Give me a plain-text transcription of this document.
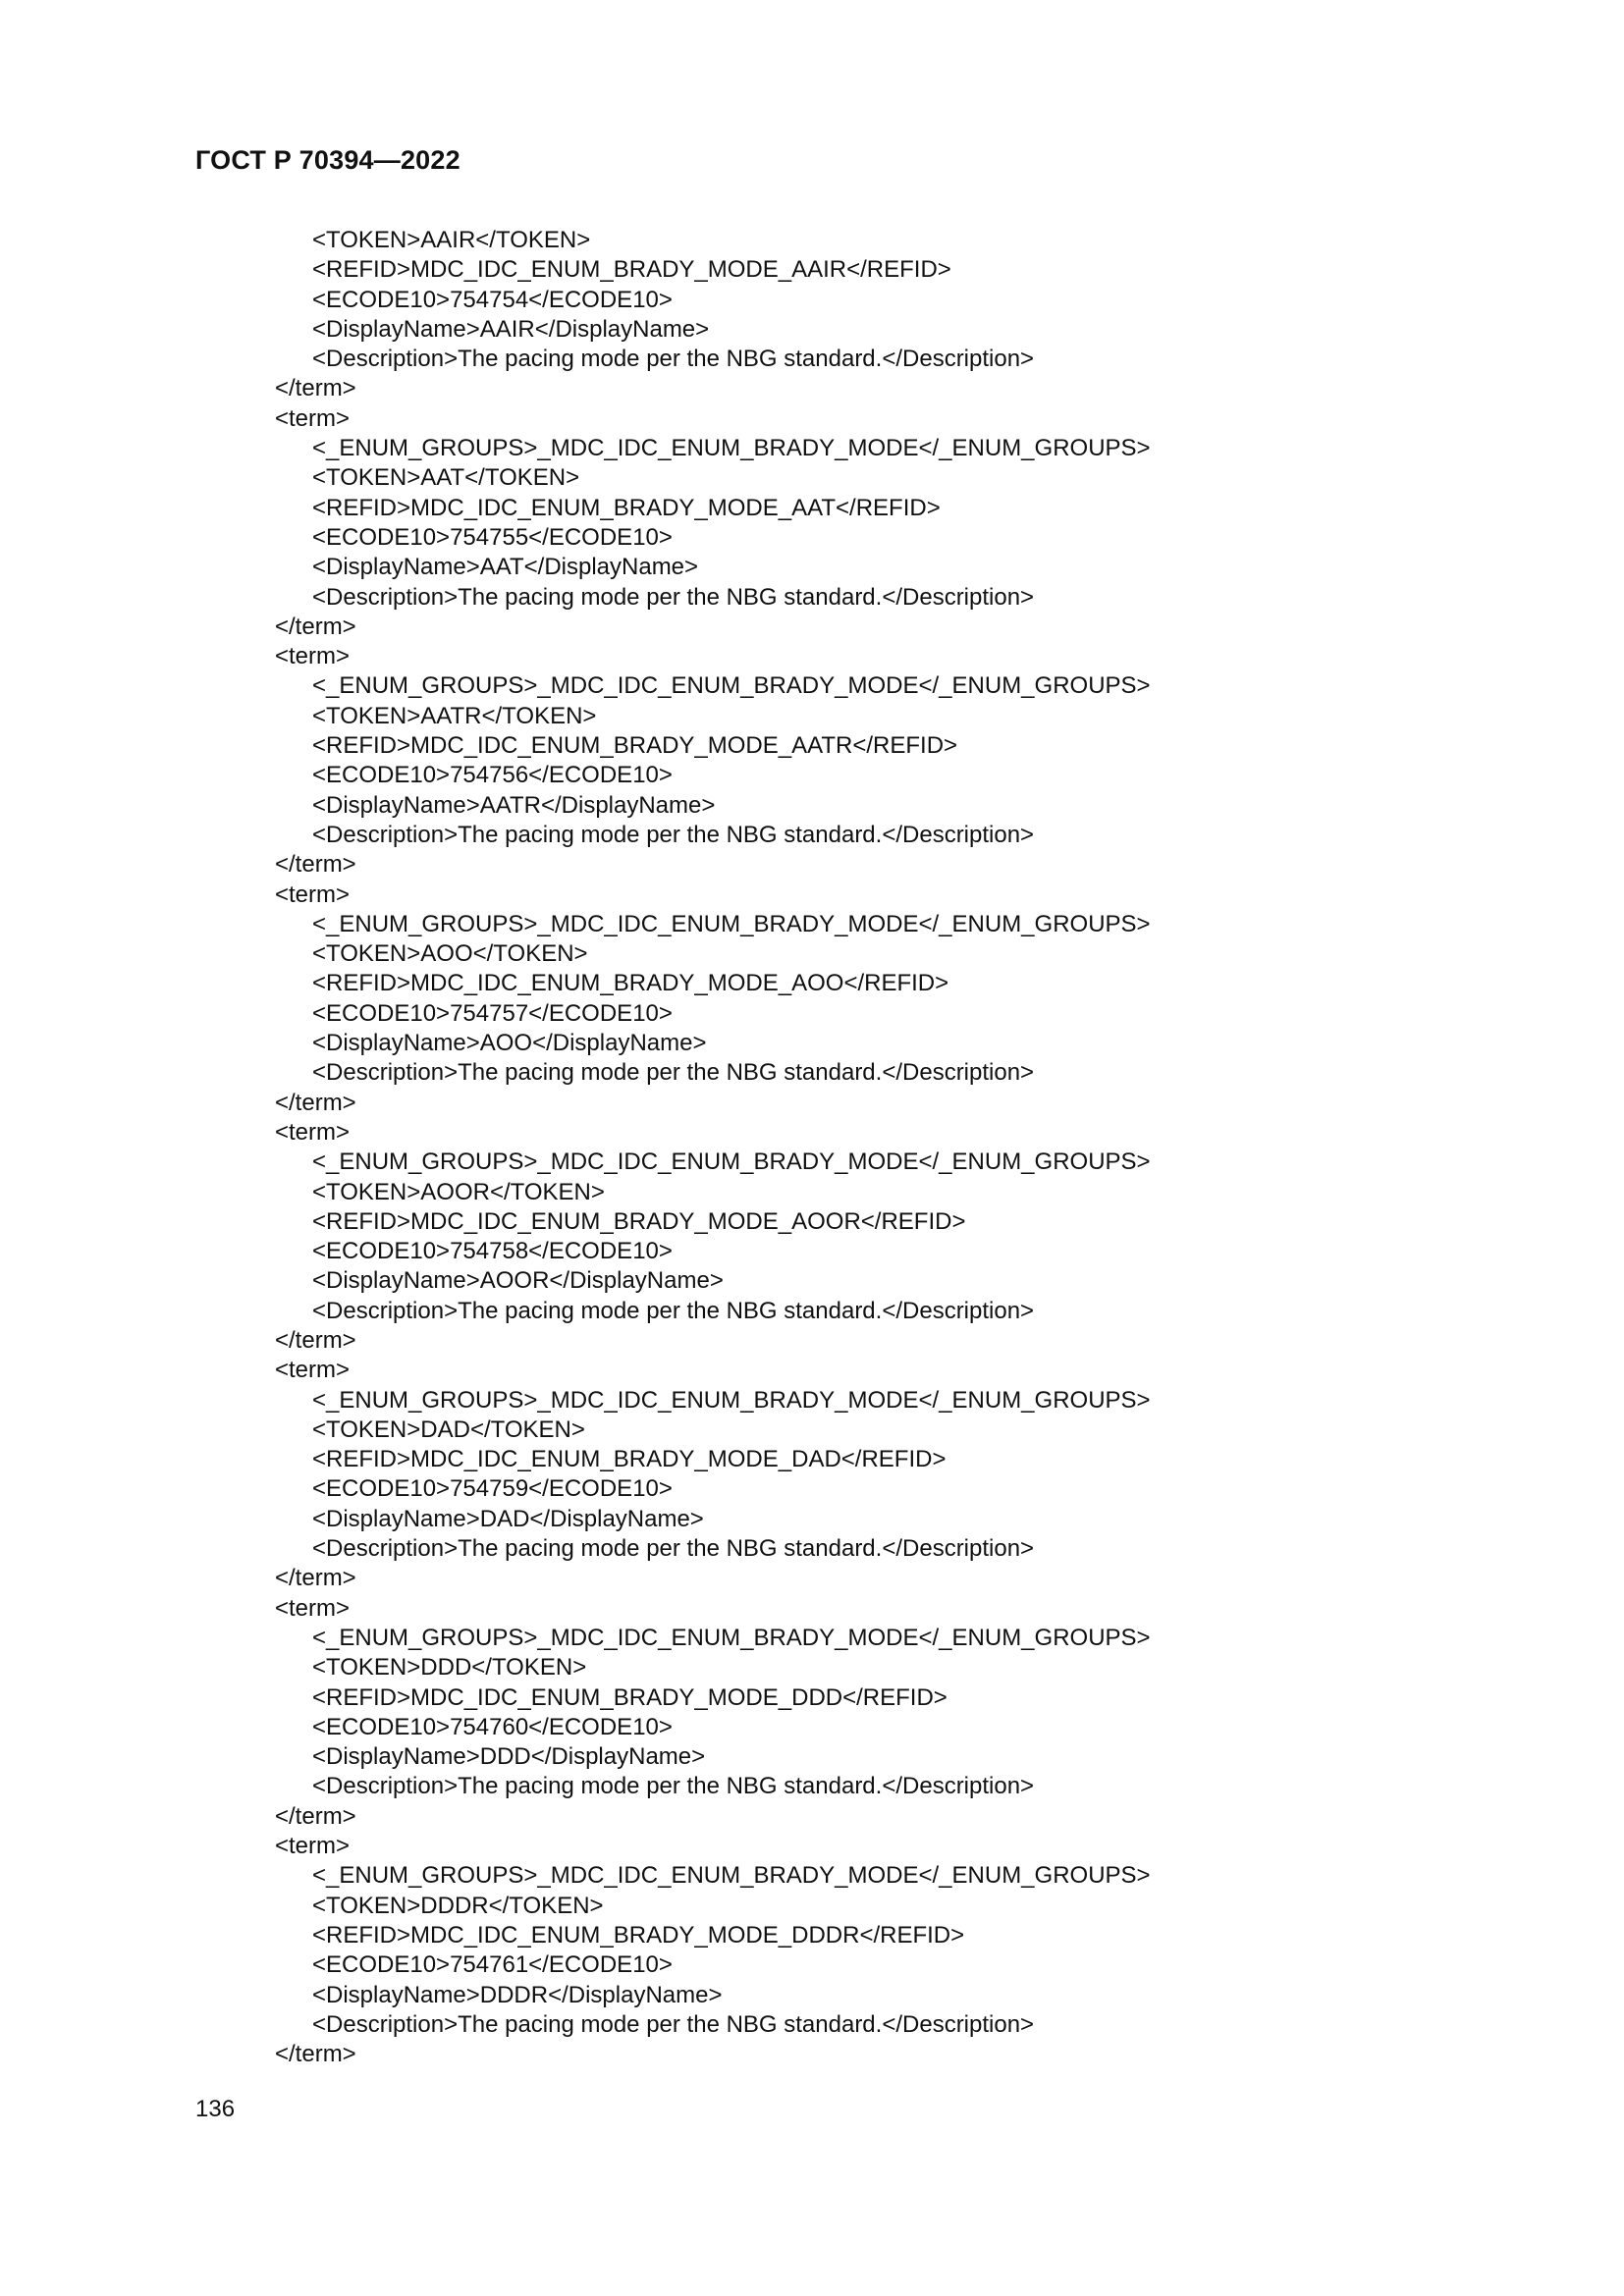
ГОСТ Р 70394—2022
<TOKEN>AAIR</TOKEN>
<REFID>MDC_IDC_ENUM_BRADY_MODE_AAIR</REFID>
<ECODE10>754754</ECODE10>
<DisplayName>AAIR</DisplayName>
<Description>The pacing mode per the NBG standard.</Description>
</term>
<term>
<_ENUM_GROUPS>_MDC_IDC_ENUM_BRADY_MODE</_ENUM_GROUPS>
<TOKEN>AAT</TOKEN>
<REFID>MDC_IDC_ENUM_BRADY_MODE_AAT</REFID>
<ECODE10>754755</ECODE10>
<DisplayName>AAT</DisplayName>
<Description>The pacing mode per the NBG standard.</Description>
</term>
<term>
<_ENUM_GROUPS>_MDC_IDC_ENUM_BRADY_MODE</_ENUM_GROUPS>
<TOKEN>AATR</TOKEN>
<REFID>MDC_IDC_ENUM_BRADY_MODE_AATR</REFID>
<ECODE10>754756</ECODE10>
<DisplayName>AATR</DisplayName>
<Description>The pacing mode per the NBG standard.</Description>
</term>
<term>
<_ENUM_GROUPS>_MDC_IDC_ENUM_BRADY_MODE</_ENUM_GROUPS>
<TOKEN>AOO</TOKEN>
<REFID>MDC_IDC_ENUM_BRADY_MODE_AOO</REFID>
<ECODE10>754757</ECODE10>
<DisplayName>AOO</DisplayName>
<Description>The pacing mode per the NBG standard.</Description>
</term>
<term>
<_ENUM_GROUPS>_MDC_IDC_ENUM_BRADY_MODE</_ENUM_GROUPS>
<TOKEN>AOOR</TOKEN>
<REFID>MDC_IDC_ENUM_BRADY_MODE_AOOR</REFID>
<ECODE10>754758</ECODE10>
<DisplayName>AOOR</DisplayName>
<Description>The pacing mode per the NBG standard.</Description>
</term>
<term>
<_ENUM_GROUPS>_MDC_IDC_ENUM_BRADY_MODE</_ENUM_GROUPS>
<TOKEN>DAD</TOKEN>
<REFID>MDC_IDC_ENUM_BRADY_MODE_DAD</REFID>
<ECODE10>754759</ECODE10>
<DisplayName>DAD</DisplayName>
<Description>The pacing mode per the NBG standard.</Description>
</term>
<term>
<_ENUM_GROUPS>_MDC_IDC_ENUM_BRADY_MODE</_ENUM_GROUPS>
<TOKEN>DDD</TOKEN>
<REFID>MDC_IDC_ENUM_BRADY_MODE_DDD</REFID>
<ECODE10>754760</ECODE10>
<DisplayName>DDD</DisplayName>
<Description>The pacing mode per the NBG standard.</Description>
</term>
<term>
<_ENUM_GROUPS>_MDC_IDC_ENUM_BRADY_MODE</_ENUM_GROUPS>
<TOKEN>DDDR</TOKEN>
<REFID>MDC_IDC_ENUM_BRADY_MODE_DDDR</REFID>
<ECODE10>754761</ECODE10>
<DisplayName>DDDR</DisplayName>
<Description>The pacing mode per the NBG standard.</Description>
</term>
136
